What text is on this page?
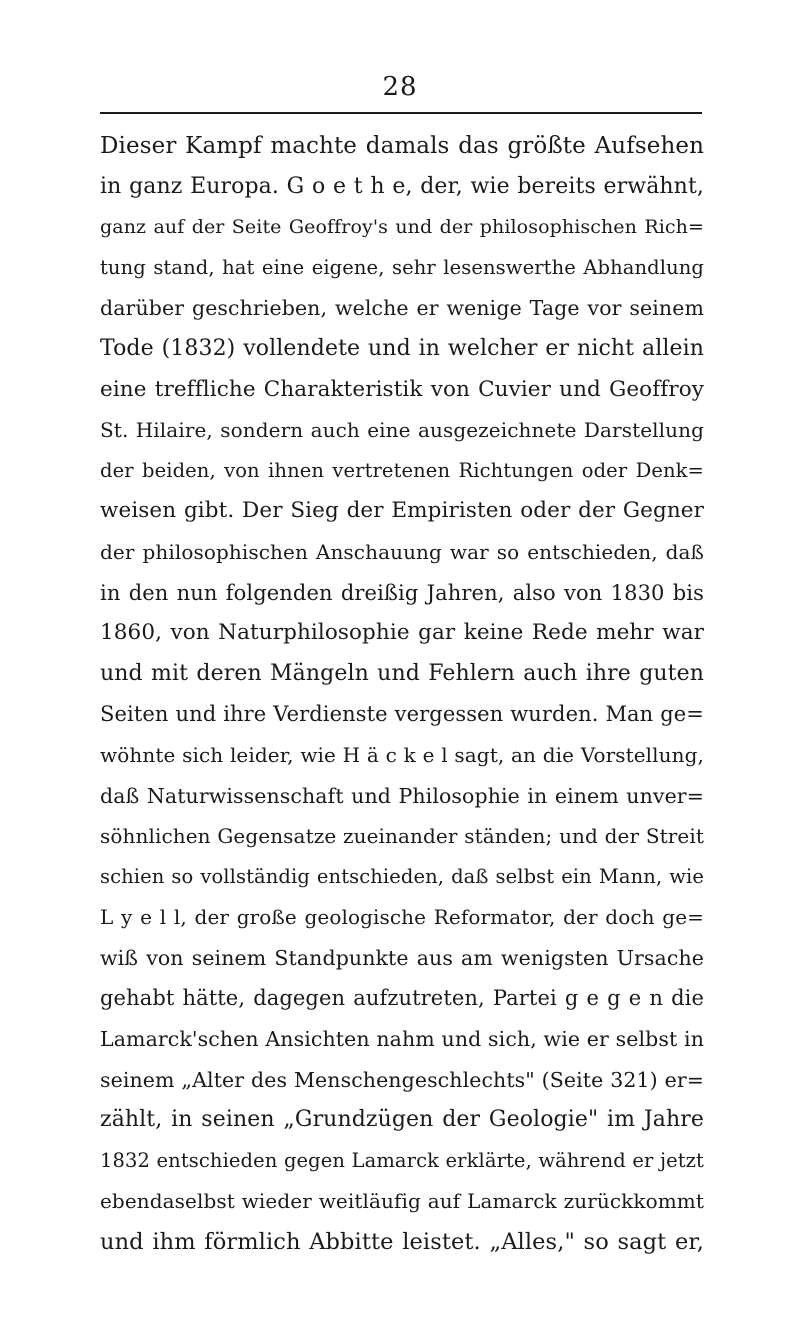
28
Dieser Kampf machte damals das größte Aufsehen
in ganz Europa. G o e t h e, der, wie bereits erwähnt,
ganz auf der Seite Geoffroy's und der philosophischen Rich=
tung stand, hat eine eigene, sehr lesenswerthe Abhandlung
darüber geschrieben, welche er wenige Tage vor seinem
Tode (1832) vollendete und in welcher er nicht allein
eine treffliche Charakteristik von Cuvier und Geoffroy
St. Hilaire, sondern auch eine ausgezeichnete Darstellung
der beiden, von ihnen vertretenen Richtungen oder Denk=
weisen gibt. Der Sieg der Empiristen oder der Gegner
der philosophischen Anschauung war so entschieden, daß
in den nun folgenden dreißig Jahren, also von 1830 bis
1860, von Naturphilosophie gar keine Rede mehr war
und mit deren Mängeln und Fehlern auch ihre guten
Seiten und ihre Verdienste vergessen wurden. Man ge=
wöhnte sich leider, wie H ä c k e l sagt, an die Vorstellung,
daß Naturwissenschaft und Philosophie in einem unver=
söhnlichen Gegensatze zueinander ständen; und der Streit
schien so vollständig entschieden, daß selbst ein Mann, wie
L y e l l, der große geologische Reformator, der doch ge=
wiß von seinem Standpunkte aus am wenigsten Ursache
gehabt hätte, dagegen aufzutreten, Partei g e g e n die
Lamarck'schen Ansichten nahm und sich, wie er selbst in
seinem „Alter des Menschengeschlechts" (Seite 321) er=
zählt, in seinen „Grundzügen der Geologie" im Jahre
1832 entschieden gegen Lamarck erklärte, während er jetzt
ebendaselbst wieder weitläufig auf Lamarck zurückkommt
und ihm förmlich Abbitte leistet. „Alles," so sagt er,
